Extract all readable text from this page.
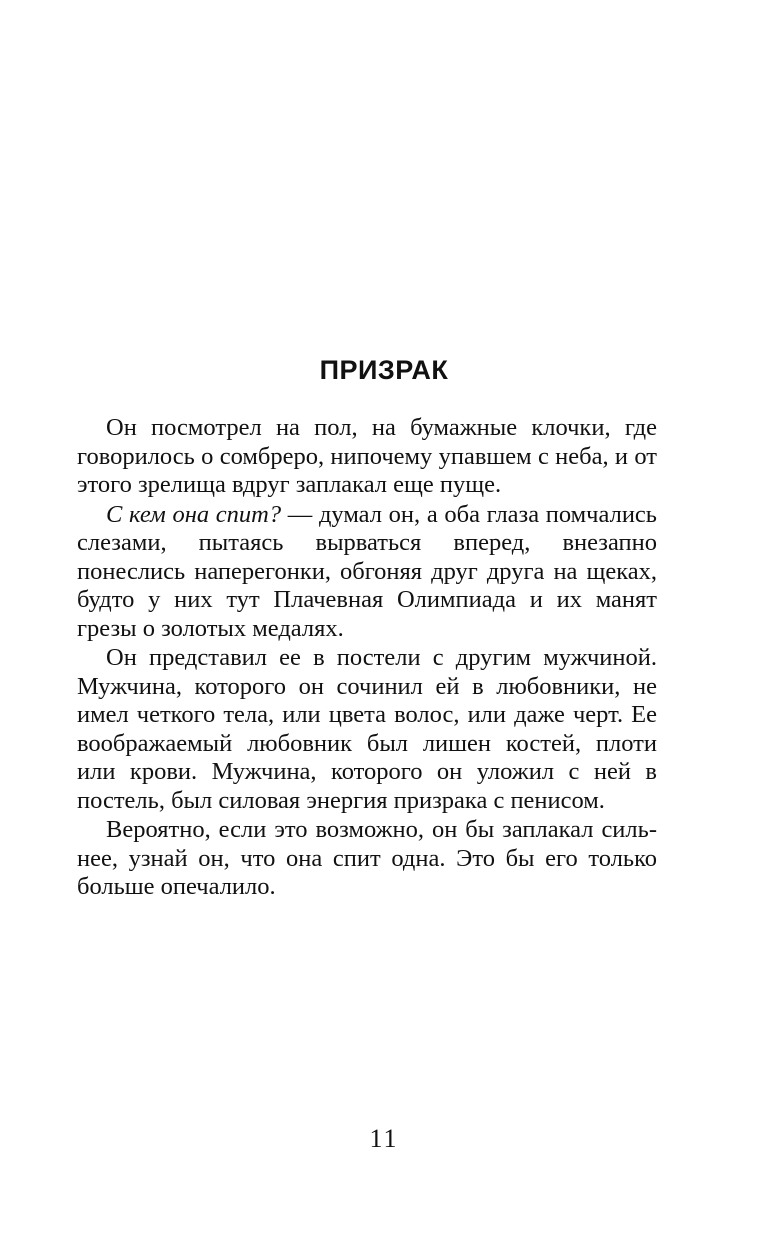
ПРИЗРАК

Он посмотрел на пол, на бумажные клочки, где говорилось о сомбреро, нипочему упавшем с неба, и от этого зрелища вдруг заплакал еще пуще.

С кем она спит? — думал он, а оба глаза помчались слезами, пытаясь вырваться вперед, внезапно понеслись наперегонки, обгоняя друг друга на щеках, будто у них тут Плачевная Олимпиада и их манят грезы о золотых медалях.

Он представил ее в постели с другим мужчиной. Мужчина, которого он сочинил ей в любовники, не имел четкого тела, или цвета волос, или даже черт. Ее воображаемый любовник был лишен костей, плоти или крови. Мужчина, которого он уложил с ней в постель, был силовая энергия призрака с пенисом.

Вероятно, если это возможно, он бы заплакал сильнее, узнай он, что она спит одна. Это бы его только больше опечалило.

11
